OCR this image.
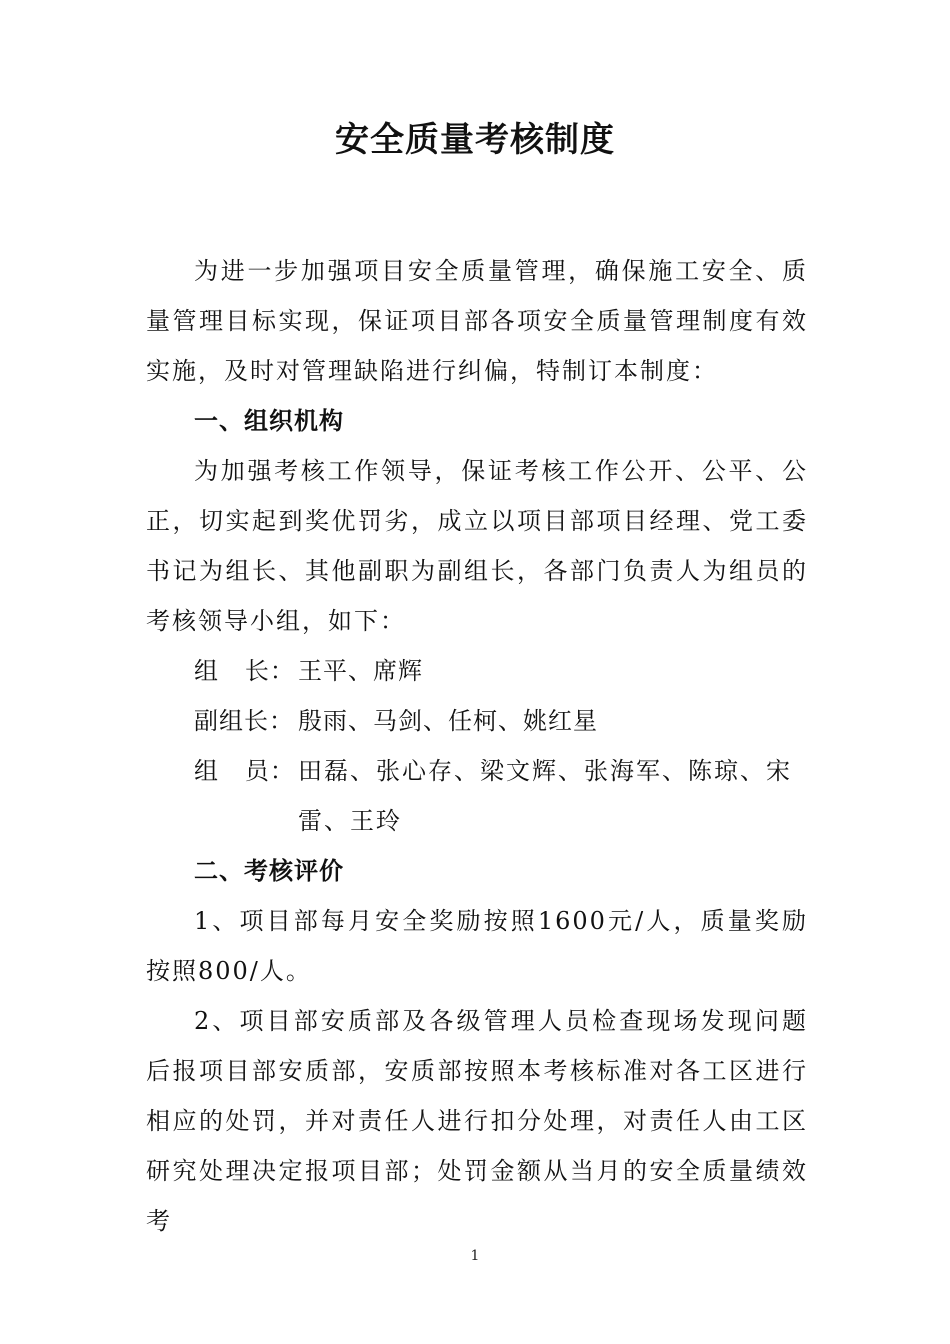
安全质量考核制度

为进一步加强项目安全质量管理，确保施工安全、质量管理目标实现，保证项目部各项安全质量管理制度有效实施，及时对管理缺陷进行纠偏，特制订本制度：

一、组织机构

为加强考核工作领导，保证考核工作公开、公平、公正，切实起到奖优罚劣，成立以项目部项目经理、党工委书记为组长、其他副职为副组长，各部门负责人为组员的考核领导小组，如下：

组   长： 王平、席辉

副组长： 殷雨、马剑、任柯、姚红星

组   员： 田磊、张心存、梁文辉、张海军、陈琼、宋雷、王玲

二、考核评价

1、项目部每月安全奖励按照1600元/人，质量奖励按照800/人。

2、项目部安质部及各级管理人员检查现场发现问题后报项目部安质部，安质部按照本考核标准对各工区进行相应的处罚，并对责任人进行扣分处理，对责任人由工区研究处理决定报项目部；处罚金额从当月的安全质量绩效考

1
